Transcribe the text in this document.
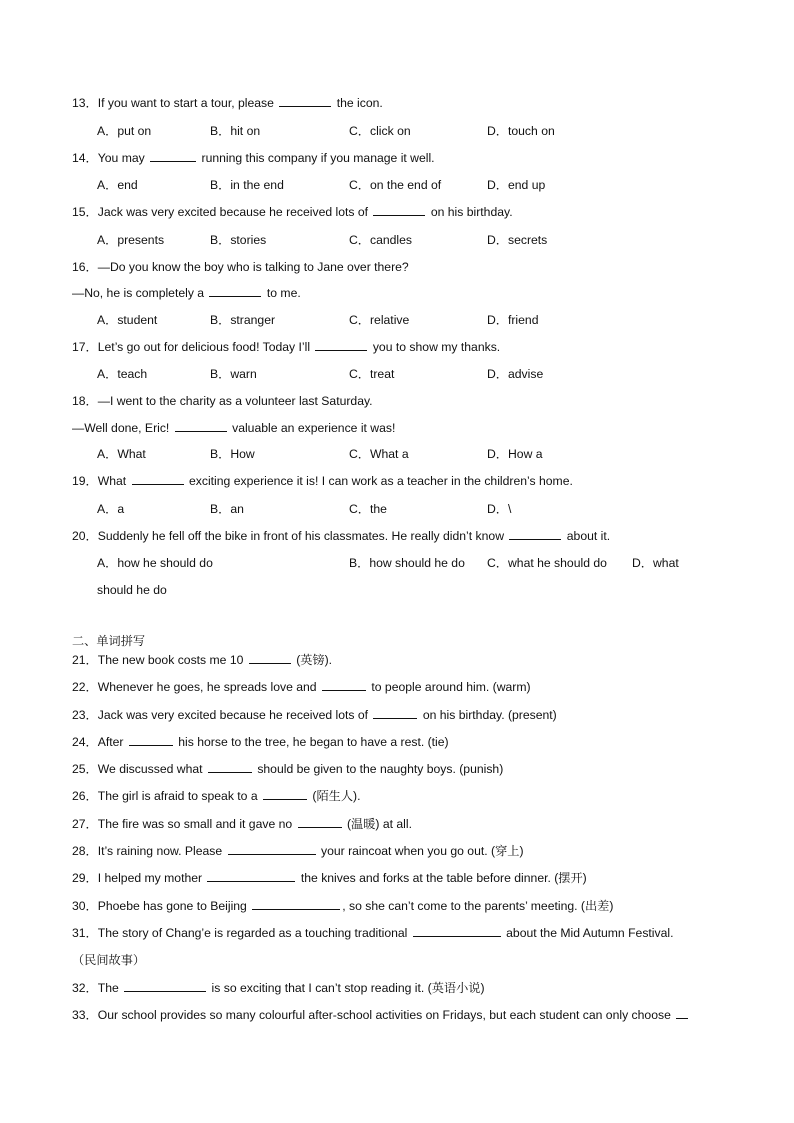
13．If you want to start a tour, please	the icon.
A．put on	B．hit on	C．click on	D．touch on
14．You may	running this company if you manage it well.
A．end	B．in the end	C．on the end of	D．end up
15．Jack was very excited because he received lots of	on his birthday.
A．presents	B．stories	C．candles	D．secrets
16．—Do you know the boy who is talking to Jane over there?
—No, he is completely a	to me.
A．student	B．stranger	C．relative	D．friend
17．Let’s go out for delicious food! Today I’ll	you to show my thanks.
A．teach	B．warn	C．treat	D．advise
18．—I went to the charity as a volunteer last Saturday.
—Well done, Eric!	valuable an experience it was!
A．What	B．How	C．What a	D．How a
19．What	exciting experience it is! I can work as a teacher in the children’s home.
A．a	B．an	C．the	D．\
20．Suddenly he fell off the bike in front of his classmates. He really didn’t know	about it.
A．how he should do	B．how should he do C．what he should do D．what
should he do
二、单词拼写
21．The new book costs me 10	(英镑).
22．Whenever he goes, he spreads love and	to people around him. (warm)
23．Jack was very excited because he received lots of	on his birthday. (present)
24．After	his horse to the tree, he began to have a rest. (tie)
25．We discussed what	should be given to the naughty boys. (punish)
26．The girl is afraid to speak to a	(陌生人).
27．The fire was so small and it gave no	(温暖) at all.
28．It’s raining now. Please	your raincoat when you go out. (穿上)
29．I helped my mother	the knives and forks at the table before dinner. (摆开)
30．Phoebe has gone to Beijing	, so she can’t come to the parents’ meeting. (出差)
31．The story of Chang’e is regarded as a touching traditional	about the Mid Autumn Festival.
（民间故事）
32．The	is so exciting that I can’t stop reading it. (英语小说)
33．Our school provides so many colourful after-school activities on Fridays, but each student can only choose
